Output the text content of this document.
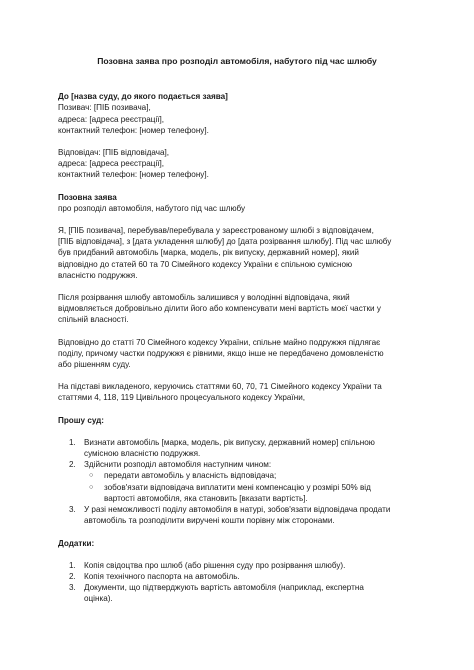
Позовна заява про розподіл автомобіля, набутого під час шлюбу
До [назва суду, до якого подається заява]
Позивач: [ПІБ позивача],
адреса: [адреса реєстрації],
контактний телефон: [номер телефону].
Відповідач: [ПІБ відповідача],
адреса: [адреса реєстрації],
контактний телефон: [номер телефону].
Позовна заява
про розподіл автомобіля, набутого під час шлюбу
Я, [ПІБ позивача], перебував/перебувала у зареєстрованому шлюбі з відповідачем,
[ПІБ відповідача], з [дата укладення шлюбу] до [дата розірвання шлюбу]. Під час шлюбу
був придбаний автомобіль [марка, модель, рік випуску, державний номер], який
відповідно до статей 60 та 70 Сімейного кодексу України є спільною сумісною
власністю подружжя.
Після розірвання шлюбу автомобіль залишився у володінні відповідача, який
відмовляється добровільно ділити його або компенсувати мені вартість моєї частки у
спільній власності.
Відповідно до статті 70 Сімейного кодексу України, спільне майно подружжя підлягає
поділу, причому частки подружжя є рівними, якщо іншe не передбачено домовленістю
або рішенням суду.
На підставі викладеного, керуючись статтями 60, 70, 71 Сімейного кодексу України та
статтями 4, 118, 119 Цивільного процесуального кодексу України,
Прошу суд:
1. Визнати автомобіль [марка, модель, рік випуску, державний номер] спільною
сумісною власністю подружжя.
2. Здійснити розподіл автомобіля наступним чином:
○ передати автомобіль у власність відповідача;
○ зобов'язати відповідача виплатити мені компенсацію у розмірі 50% від
вартості автомобіля, яка становить [вказати вартість].
3. У разі неможливості поділу автомобіля в натурі, зобов'язати відповідача продати
автомобіль та розподілити виручені кошти порівну між сторонами.
Додатки:
1. Копія свідоцтва про шлюб (або рішення суду про розірвання шлюбу).
2. Копія технічного паспорта на автомобіль.
3. Документи, що підтверджують вартість автомобіля (наприклад, експертна
оцінка).
